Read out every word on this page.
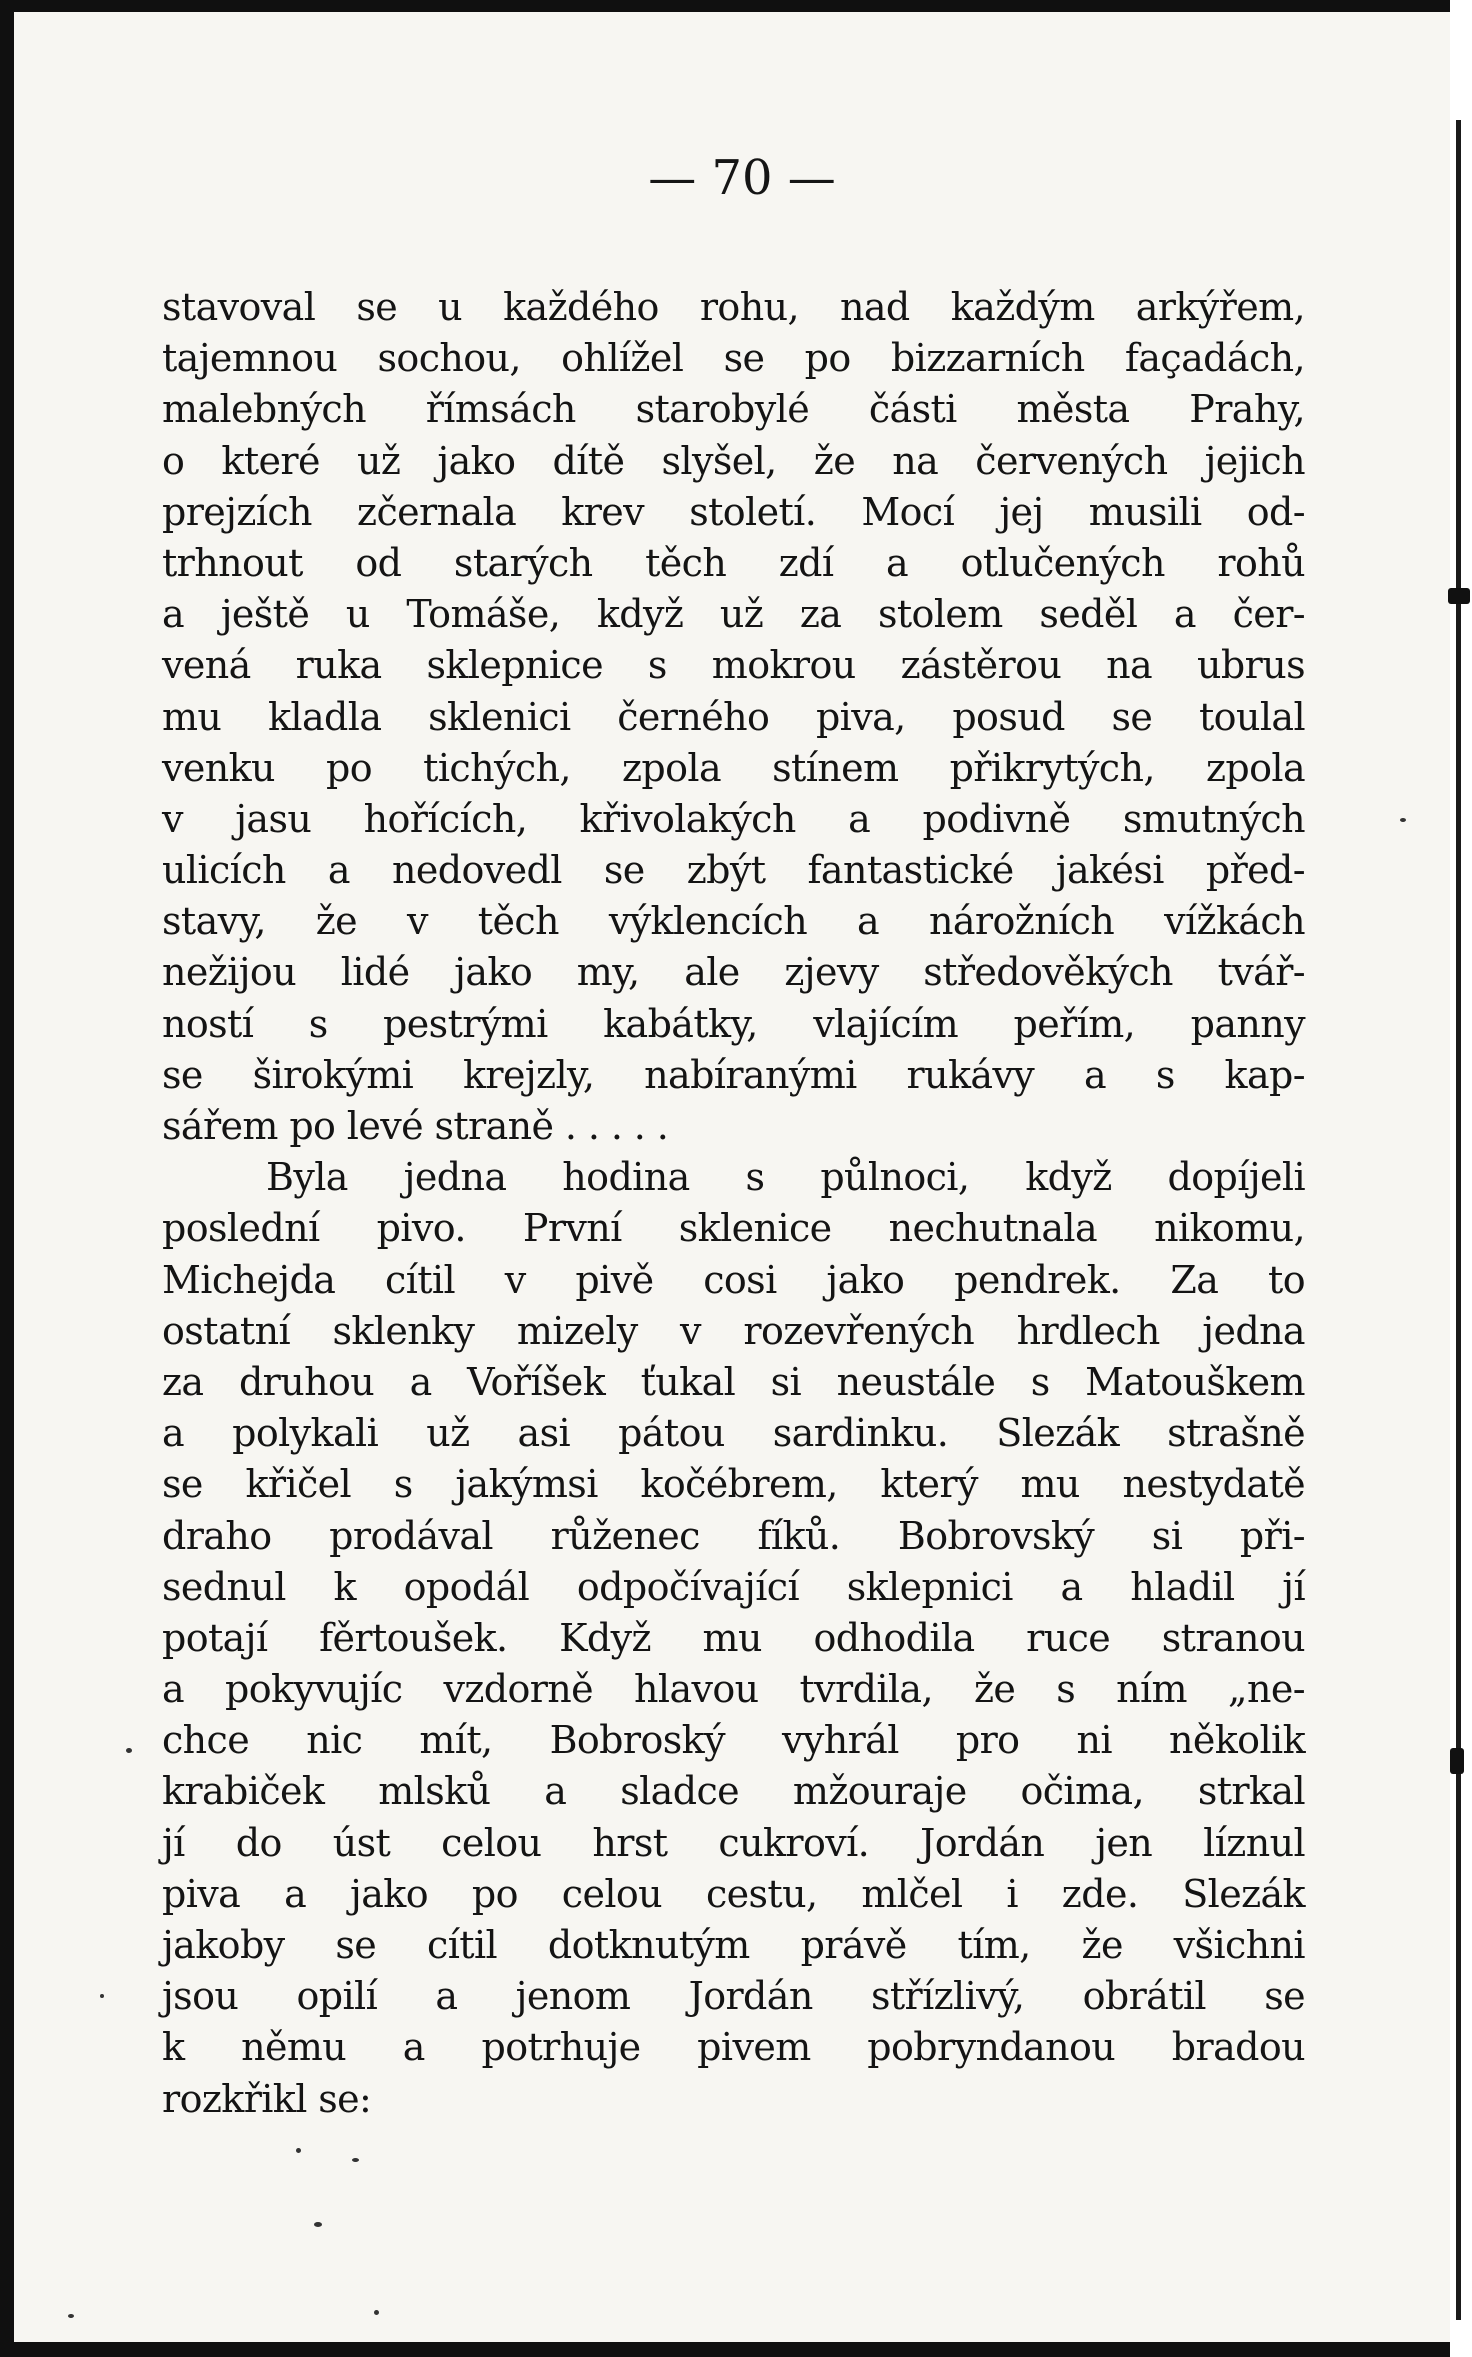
— 70 —
stavoval se u každého rohu, nad každým arkýřem,
tajemnou sochou, ohlížel se po bizzarních façadách,
malebných římsách starobylé části města Prahy,
o které už jako dítě slyšel, že na červených jejich
prejzích zčernala krev století. Mocí jej musili od-
trhnout od starých těch zdí a otlučených rohů
a ještě u Tomáše, když už za stolem seděl a čer-
vená ruka sklepnice s mokrou zástěrou na ubrus
mu kladla sklenici černého piva, posud se toulal
venku po tichých, zpola stínem přikrytých, zpola
v jasu hořících, křivolakých a podivně smutných
ulicích a nedovedl se zbýt fantastické jakési před-
stavy, že v těch výklencích a nárožních vížkách
nežijou lidé jako my, ale zjevy středověkých tvář-
ností s pestrými kabátky, vlajícím peřím, panny
se širokými krejzly, nabíranými rukávy a s kap-
sářem po levé straně . . . . .
Byla jedna hodina s půlnoci, když dopíjeli
poslední pivo. První sklenice nechutnala nikomu,
Michejda cítil v pivě cosi jako pendrek. Za to
ostatní sklenky mizely v rozevřených hrdlech jedna
za druhou a Voříšek ťukal si neustále s Matouškem
a polykali už asi pátou sardinku. Slezák strašně
se křičel s jakýmsi kočébrem, který mu nestydatě
draho prodával růženec fíků. Bobrovský si při-
sednul k opodál odpočívající sklepnici a hladil jí
potají fěrtoušek. Když mu odhodila ruce stranou
a pokyvujíc vzdorně hlavou tvrdila, že s ním „ne-
chce nic mít, Bobroský vyhrál pro ni několik
krabiček mlsků a sladce mžouraje očima, strkal
jí do úst celou hrst cukroví. Jordán jen líznul
piva a jako po celou cestu, mlčel i zde. Slezák
jakoby se cítil dotknutým právě tím, že všichni
jsou opilí a jenom Jordán střízlivý, obrátil se
k němu a potrhuje pivem pobryndanou bradou
rozkřikl se:
